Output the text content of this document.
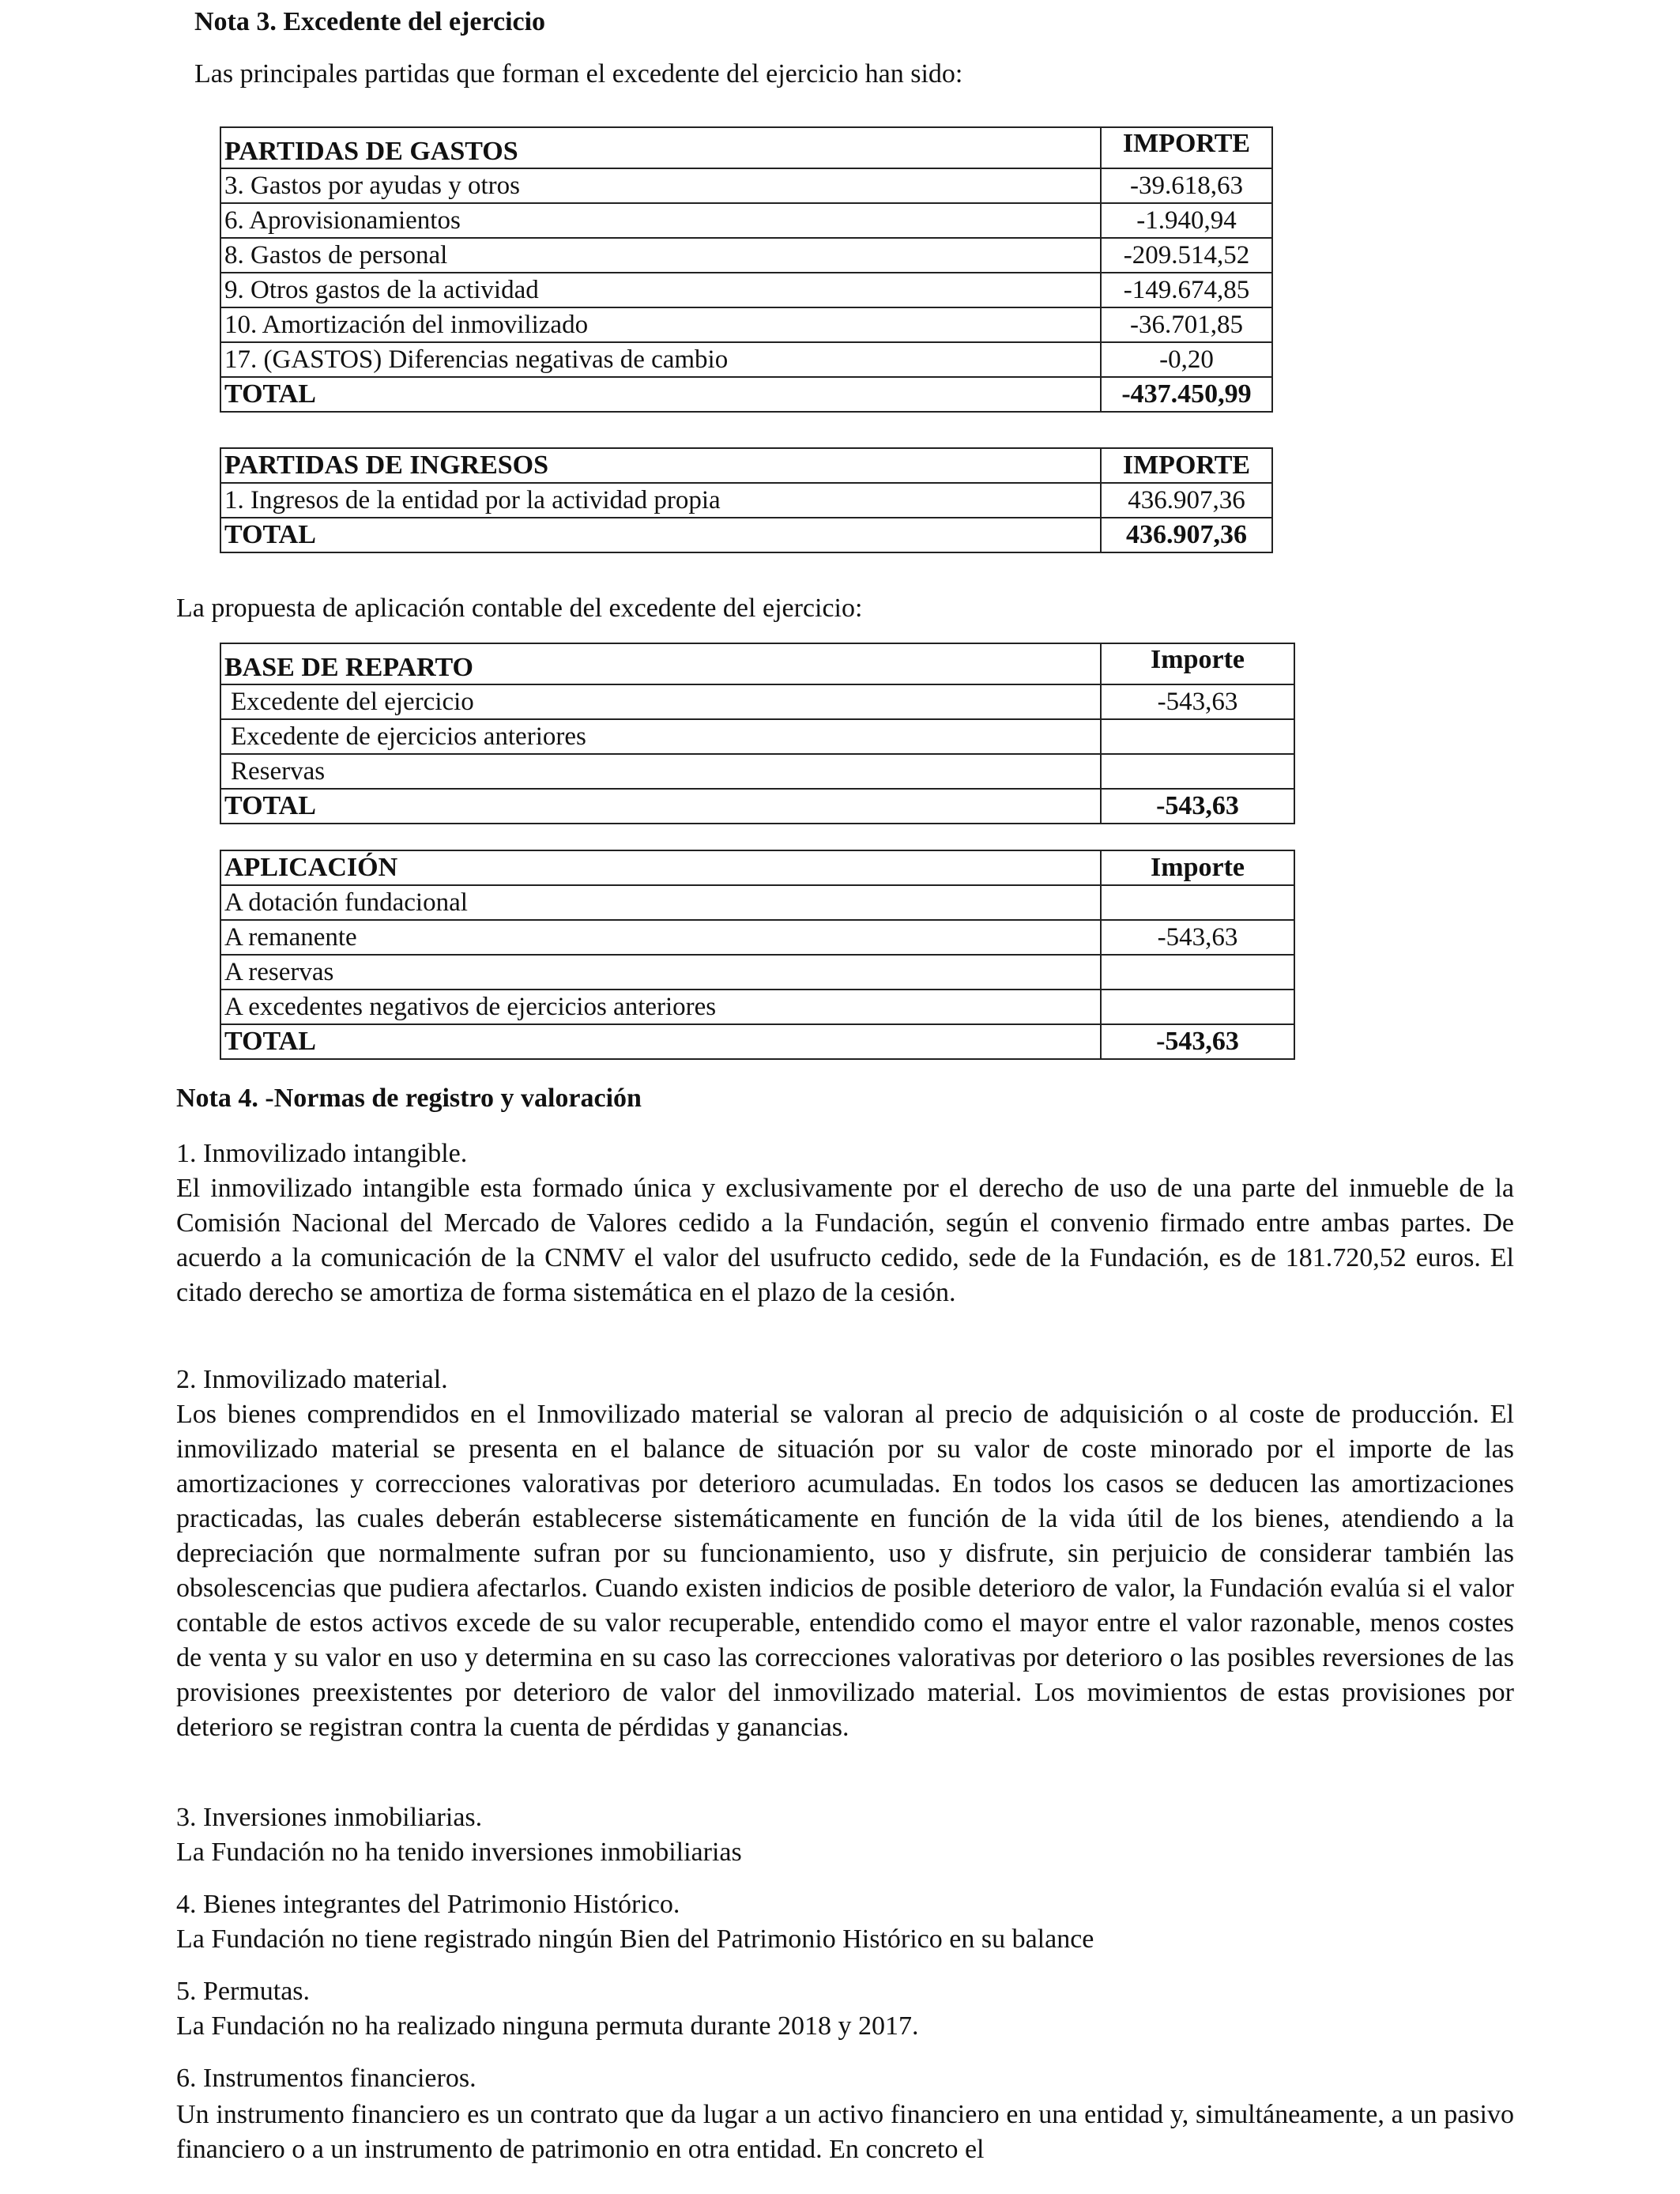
Nota 3. Excedente del ejercicio
Las principales partidas que forman el excedente del ejercicio han sido:
PARTIDAS DE GASTOS	IMPORTE
3. Gastos por ayudas y otros	-39.618,63
6. Aprovisionamientos	-1.940,94
8. Gastos de personal	-209.514,52
9. Otros gastos de la actividad	-149.674,85
10. Amortización del inmovilizado	-36.701,85
17. (GASTOS) Diferencias negativas de cambio	-0,20
TOTAL	-437.450,99
PARTIDAS DE INGRESOS	IMPORTE
1. Ingresos de la entidad por la actividad propia	436.907,36
TOTAL	436.907,36
La propuesta de aplicación contable del excedente del ejercicio:
BASE DE REPARTO	Importe
Excedente del ejercicio	-543,63
Excedente de ejercicios anteriores	
Reservas	
TOTAL	-543,63
APLICACIÓN	Importe
A dotación fundacional	
A remanente	-543,63
A reservas	
A excedentes negativos de ejercicios anteriores	
TOTAL	-543,63
Nota 4. -Normas de registro y valoración
1. Inmovilizado intangible.
El inmovilizado intangible esta formado única y exclusivamente por el derecho de uso de una parte del inmueble de la Comisión Nacional del Mercado de Valores cedido a la Fundación, según el convenio firmado entre ambas partes. De acuerdo a la comunicación de la CNMV el valor del usufructo cedido, sede de la Fundación, es de 181.720,52 euros. El citado derecho se amortiza de forma sistemática en el plazo de la cesión.
2. Inmovilizado material.
Los bienes comprendidos en el Inmovilizado material se valoran al precio de adquisición o al coste de producción. El inmovilizado material se presenta en el balance de situación por su valor de coste minorado por el importe de las amortizaciones y correcciones valorativas por deterioro acumuladas. En todos los casos se deducen las amortizaciones practicadas, las cuales deberán establecerse sistemáticamente en función de la vida útil de los bienes, atendiendo a la depreciación que normalmente sufran por su funcionamiento, uso y disfrute, sin perjuicio de considerar también las obsolescencias que pudiera afectarlos. Cuando existen indicios de posible deterioro de valor, la Fundación evalúa si el valor contable de estos activos excede de su valor recuperable, entendido como el mayor entre el valor razonable, menos costes de venta y su valor en uso y determina en su caso las correcciones valorativas por deterioro o las posibles reversiones de las provisiones preexistentes por deterioro de valor del inmovilizado material. Los movimientos de estas provisiones por deterioro se registran contra la cuenta de pérdidas y ganancias.
3. Inversiones inmobiliarias.
La Fundación no ha tenido inversiones inmobiliarias
4. Bienes integrantes del Patrimonio Histórico.
La Fundación no tiene registrado ningún Bien del Patrimonio Histórico en su balance
5. Permutas.
La Fundación no ha realizado ninguna permuta durante 2018 y 2017.
6. Instrumentos financieros.
Un instrumento financiero es un contrato que da lugar a un activo financiero en una entidad y, simultáneamente, a un pasivo financiero o a un instrumento de patrimonio en otra entidad. En concreto el
